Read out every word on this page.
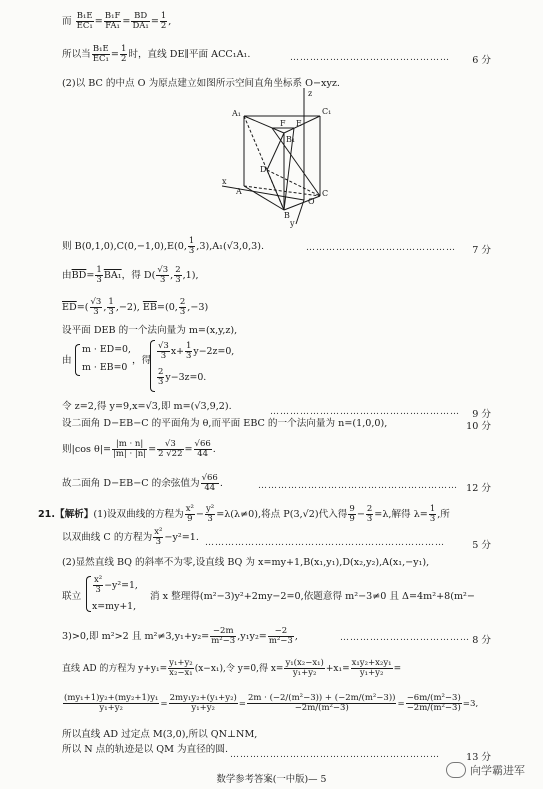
而 $\frac{\text{B₁E}}{\text{EC₁}} = \frac{\text{B₁F}}{\text{FA₁}} = \frac{BD}{\text{DA₁}} = \frac{1}{2}$ ,
所以当 $\frac{\text{B₁E}}{\text{EC₁}} = \frac{1}{2}$ 时，直线 DE∥平面 ACC₁A₁.	………………………………………… 6 分
(2)以 BC 的中点 O 为原点建立如图所示空间直角坐标系 O−xyz.
A₁	C₁
B₁
F E
D
A	C
B
O
x
y
z
则 B(0,1,0),C(0,−1,0),E(0, $\frac{1}{3} ,3),A_1(√3,0,3)$.	……………………………………… 7 分
由$\overline{BD}= \frac{1}{3} BA_1$，得 $D( \frac{√3}{3}$ , $\frac{2}{3} ,1$),
$\overline{ED}=( \frac{√3}{3}$ , $\frac{1}{3} ,-2$), $\overline{EB}=(0$, $\frac{2}{3} ,-3$)
设平面 DEB 的一个法向量为 m=(x,y,z),
由
m · ED=0,
m · EB=0
，得 $\frac{√3}{3} x+ \frac{1}{3} y-2z=0$,
$\frac{2}{3} y-3z=0$.
令 z=2,得 y=9,x=√3,即 m=(√3,9,2).	………………………………………………… 9 分
设二面角 D−EB−C 的平面角为 θ,而平面 EBC 的一个法向量为 n=(1,0,0),	10 分
则|cos $\theta|= \frac{|m \cdot n|}{|m| \cdot |n|} = \frac{√3}{2 √22} = \frac{√66}{44}$ .
故二面角 D−EB−C 的余弦值为 $\frac{√66}{44}$ .	…………………………………………………… 12 分
21.【解析】(1)设双曲线的方程为 $\frac{\text{x²}}{9} - \frac{\text{y²}}{3} =\lambda(\lambda\ne 0)$,将点 P(3,√2)代入得 $\frac{9}{9} - \frac{2}{3} =\lambda$,解得 $\lambda= \frac{1}{3}$ ,所
以双曲线 C 的方程为 $\frac{\text{x²}}{3} -y^2=1$. ………………………………………………………………	5 分
(2)显然直线 BQ 的斜率不为零,设直线 BQ 为 x=my+1,B(x₁,y₁),D(x₂,y₂),A(x₁,−y₁),
联立
$\frac{\text{x²}}{3} -y^2=1$,
x=my+1,
消 x 整理得(m²−3)y²+2my−2=0,依题意得 m²−3≠0 且 Δ=4m²+8(m²−
3)>0,即 m²>2 且 $m^2\ne 3,y_1+y_2= \frac{-2m}{\text{m²−3}} ,y_1y_2= \frac{-2}{\text{m²−3}}$ ,	………………………………… 8 分
直线 AD 的方程为 $y+y_1= \frac{\text{y₁+y₂}}{\text{x₂−x₁}} (x-x_1)$,令 y=0,得 $x= \frac{\text{y₁(x₂−x₁)}}{\text{y₁+y₂}} +x_1= \frac{\text{x₁y₂+x₂y₁}}{\text{y₁+y₂}}$ =
$\frac{\text{(my₁+1)y₂+(my₂+1)y₁}}{\text{y₁+y₂}} = \frac{\text{2my₁y₂+(y₁+y₂)}}{\text{y₁+y₂}} = \frac{\text{2m · (−2/(m²−3)) + (−2m/(m²−3))}}{\text{−2m/(m²−3)}} = \frac{\text{−6m/(m²−3)}}{\text{−2m/(m²−3)}} =3$,
所以直线 AD 过定点 M(3,0),所以 QN⊥NM,
所以 N 点的轨迹是以 QM 为直径的圆. ………………………………………………………	13 分
数学参考答案(一中版)— 5
向学霸进军
